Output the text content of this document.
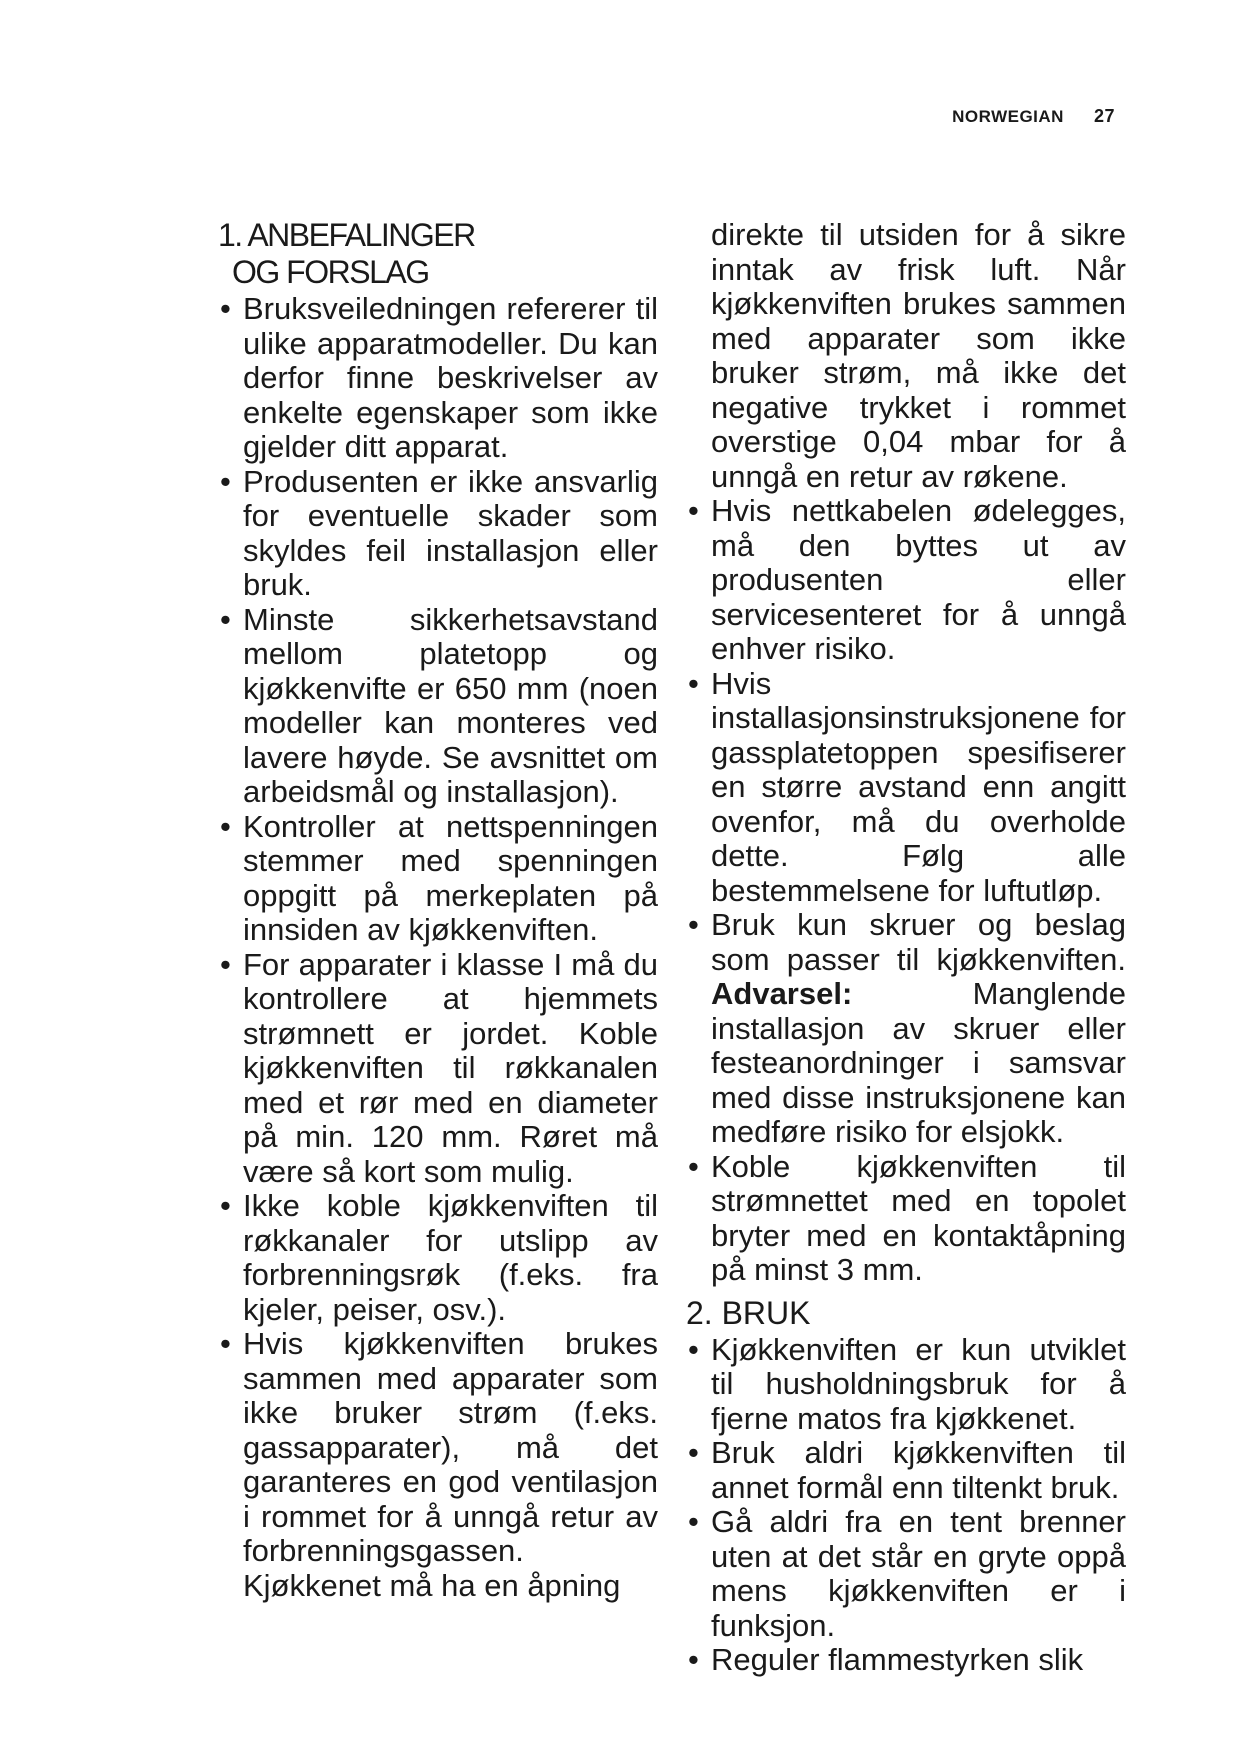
NORWEGIAN 27
1. ANBEFALINGER
OG FORSLAG
• Bruksveiledningen refererer til ulike apparatmodeller. Du kan derfor finne beskrivelser av enkelte egenskaper som ikke gjelder ditt apparat.
• Produsenten er ikke ansvarlig for eventuelle skader som skyldes feil installasjon eller bruk.
• Minste sikkerhetsavstand mellom platetopp og kjøkkenvifte er 650 mm (noen modeller kan monteres ved lavere høyde. Se avsnittet om arbeidsmål og installasjon).
• Kontroller at nettspenningen stemmer med spenningen oppgitt på merkeplaten på innsiden av kjøkkenviften.
• For apparater i klasse I må du kontrollere at hjemmets strømnett er jordet. Koble kjøkkenviften til røkkanalen med et rør med en diameter på min. 120 mm. Røret må være så kort som mulig.
• Ikke koble kjøkkenviften til røkkanaler for utslipp av forbrenningsrøk (f.eks. fra kjeler, peiser, osv.).
• Hvis kjøkkenviften brukes sammen med apparater som ikke bruker strøm (f.eks. gassapparater), må det garanteres en god ventilasjon i rommet for å unngå retur av forbrenningsgassen. Kjøkkenet må ha en åpning
direkte til utsiden for å sikre inntak av frisk luft. Når kjøkkenviften brukes sammen med apparater som ikke bruker strøm, må ikke det negative trykket i rommet overstige 0,04 mbar for å unngå en retur av røkene.
• Hvis nettkabelen ødelegges, må den byttes ut av produsenten eller servicesenteret for å unngå enhver risiko.
• Hvis installasjonsinstruksjonene for gassplatetoppen spesifiserer en større avstand enn angitt ovenfor, må du overholde dette. Følg alle bestemmelsene for luftutløp.
• Bruk kun skruer og beslag som passer til kjøkkenviften. Advarsel:	Manglende installasjon av skruer eller festeanordninger i samsvar med disse instruksjonene kan medføre risiko for elsjokk.
• Koble kjøkkenviften til strømnettet med en topolet bryter med en kontaktåpning på minst 3 mm.
2. BRUK
• Kjøkkenviften er kun utviklet til husholdningsbruk for å fjerne matos fra kjøkkenet.
• Bruk aldri kjøkkenviften til annet formål enn tiltenkt bruk.
• Gå aldri fra en tent brenner uten at det står en gryte oppå mens kjøkkenviften er i funksjon.
• Reguler flammestyrken slik
